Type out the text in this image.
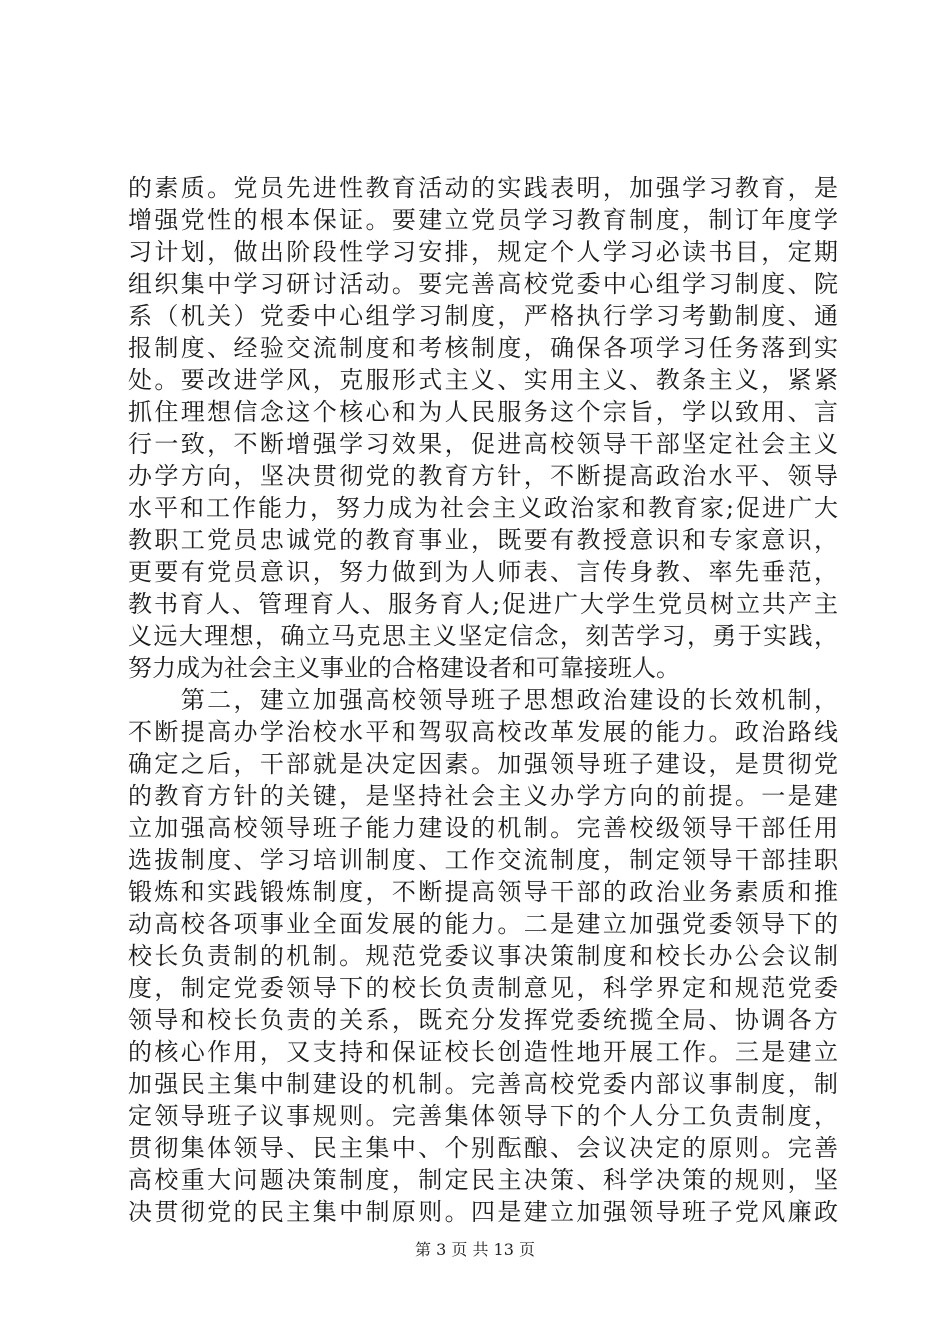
的素质。党员先进性教育活动的实践表明，加强学习教育，是
增强党性的根本保证。要建立党员学习教育制度，制订年度学
习计划，做出阶段性学习安排，规定个人学习必读书目，定期
组织集中学习研讨活动。要完善高校党委中心组学习制度、院
系（机关）党委中心组学习制度，严格执行学习考勤制度、通
报制度、经验交流制度和考核制度，确保各项学习任务落到实
处。要改进学风，克服形式主义、实用主义、教条主义，紧紧
抓住理想信念这个核心和为人民服务这个宗旨，学以致用、言
行一致，不断增强学习效果，促进高校领导干部坚定社会主义
办学方向，坚决贯彻党的教育方针，不断提高政治水平、领导
水平和工作能力，努力成为社会主义政治家和教育家;促进广大
教职工党员忠诚党的教育事业，既要有教授意识和专家意识，
更要有党员意识，努力做到为人师表、言传身教、率先垂范，
教书育人、管理育人、服务育人;促进广大学生党员树立共产主
义远大理想，确立马克思主义坚定信念，刻苦学习，勇于实践，
努力成为社会主义事业的合格建设者和可靠接班人。
　　第二，建立加强高校领导班子思想政治建设的长效机制，
不断提高办学治校水平和驾驭高校改革发展的能力。政治路线
确定之后，干部就是决定因素。加强领导班子建设，是贯彻党
的教育方针的关键，是坚持社会主义办学方向的前提。一是建
立加强高校领导班子能力建设的机制。完善校级领导干部任用
选拔制度、学习培训制度、工作交流制度，制定领导干部挂职
锻炼和实践锻炼制度，不断提高领导干部的政治业务素质和推
动高校各项事业全面发展的能力。二是建立加强党委领导下的
校长负责制的机制。规范党委议事决策制度和校长办公会议制
度，制定党委领导下的校长负责制意见，科学界定和规范党委
领导和校长负责的关系，既充分发挥党委统揽全局、协调各方
的核心作用，又支持和保证校长创造性地开展工作。三是建立
加强民主集中制建设的机制。完善高校党委内部议事制度，制
定领导班子议事规则。完善集体领导下的个人分工负责制度，
贯彻集体领导、民主集中、个别酝酿、会议决定的原则。完善
高校重大问题决策制度，制定民主决策、科学决策的规则，坚
决贯彻党的民主集中制原则。四是建立加强领导班子党风廉政
第 3 页 共 13 页
